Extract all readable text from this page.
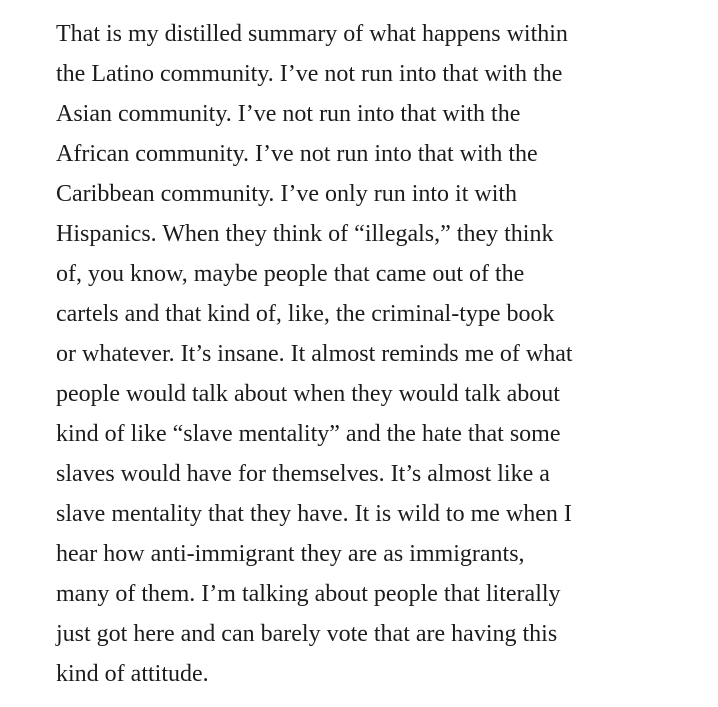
That is my distilled summary of what happens within
the Latino community. I’ve not run into that with the
Asian community. I’ve not run into that with the
African community. I’ve not run into that with the
Caribbean community. I’ve only run into it with
Hispanics. When they think of “illegals,” they think
of, you know, maybe people that came out of the
cartels and that kind of, like, the criminal-type book
or whatever. It’s insane. It almost reminds me of what
people would talk about when they would talk about
kind of like “slave mentality” and the hate that some
slaves would have for themselves. It’s almost like a
slave mentality that they have. It is wild to me when I
hear how anti-immigrant they are as immigrants,
many of them. I’m talking about people that literally
just got here and can barely vote that are having this
kind of attitude.
